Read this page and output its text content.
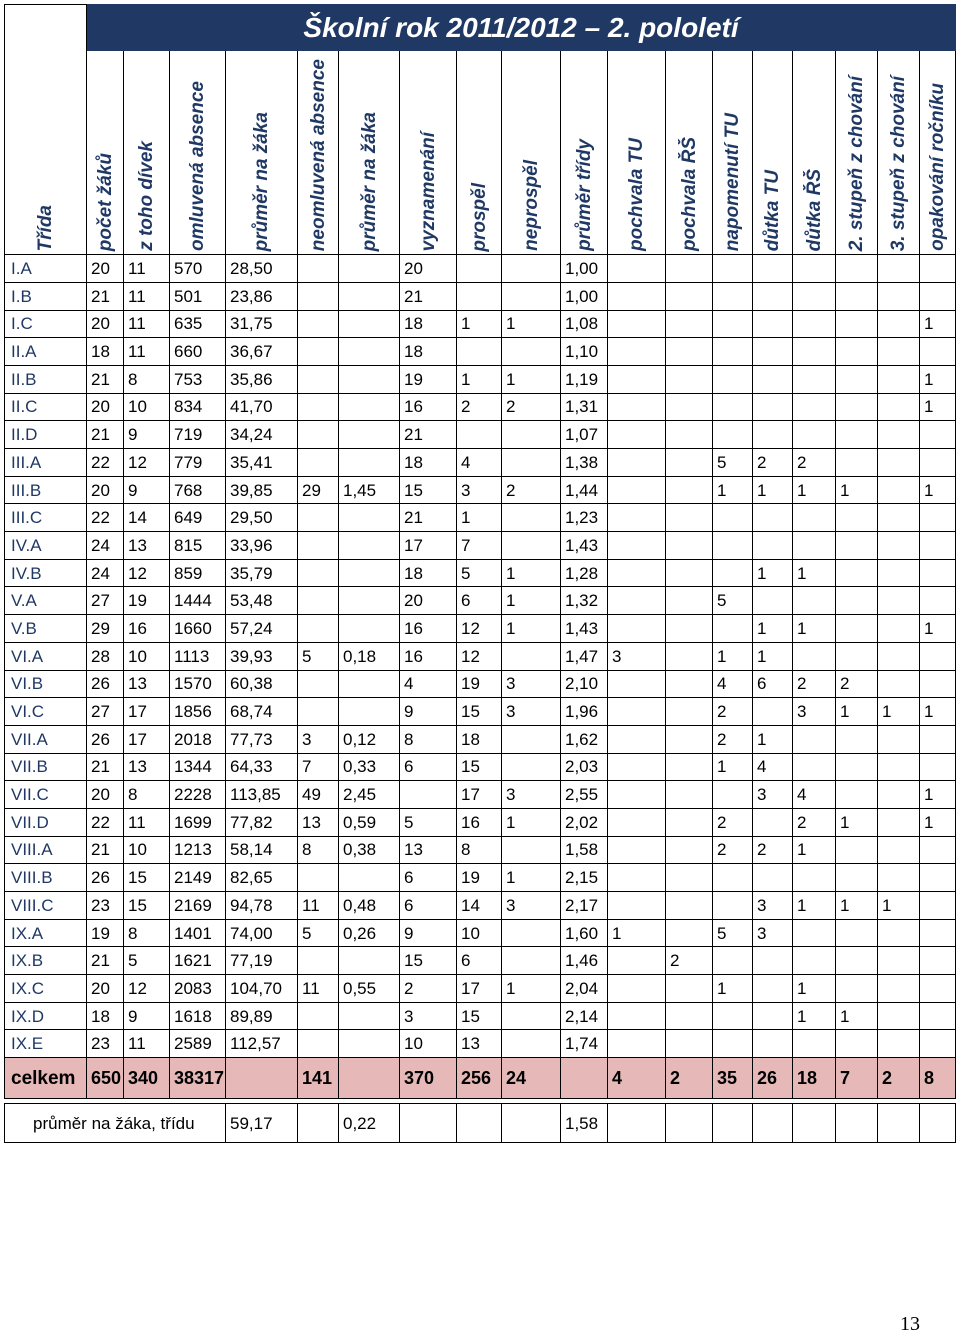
Třída	Školní rok 2011/2012 – 2. pololetí																	
	počet žáků	z toho dívek	omluvená absence	průměr na žáka	neomluvená absence	průměr na žáka	vyznamenání	prospěl	neprospěl	průměr třídy	pochvala TU	pochvala ŘŠ	napomenutí TU	důtka TU	důtka ŘŠ	2. stupeň z chování	3. stupeň z chování	opakování ročníku
I.A	20	11	570	28,50			20			1,00								
I.B	21	11	501	23,86			21			1,00								
I.C	20	11	635	31,75			18	1	1	1,08								1
II.A	18	11	660	36,67			18			1,10								
II.B	21	8	753	35,86			19	1	1	1,19								1
II.C	20	10	834	41,70			16	2	2	1,31								1
II.D	21	9	719	34,24			21			1,07								
III.A	22	12	779	35,41			18	4		1,38			5	2	2			
III.B	20	9	768	39,85	29	1,45	15	3	2	1,44			1	1	1	1		1
III.C	22	14	649	29,50			21	1		1,23								
IV.A	24	13	815	33,96			17	7		1,43								
IV.B	24	12	859	35,79			18	5	1	1,28				1	1			
V.A	27	19	1444	53,48			20	6	1	1,32			5					
V.B	29	16	1660	57,24			16	12	1	1,43				1	1			1
VI.A	28	10	1113	39,93	5	0,18	16	12		1,47	3		1	1				
VI.B	26	13	1570	60,38			4	19	3	2,10			4	6	2	2		
VI.C	27	17	1856	68,74			9	15	3	1,96			2		3	1	1	1
VII.A	26	17	2018	77,73	3	0,12	8	18		1,62			2	1				
VII.B	21	13	1344	64,33	7	0,33	6	15		2,03			1	4				
VII.C	20	8	2228	113,85	49	2,45		17	3	2,55				3	4			1
VII.D	22	11	1699	77,82	13	0,59	5	16	1	2,02			2		2	1		1
VIII.A	21	10	1213	58,14	8	0,38	13	8		1,58			2	2	1			
VIII.B	26	15	2149	82,65			6	19	1	2,15								
VIII.C	23	15	2169	94,78	11	0,48	6	14	3	2,17				3	1	1	1	
IX.A	19	8	1401	74,00	5	0,26	9	10		1,60	1		5	3				
IX.B	21	5	1621	77,19			15	6		1,46		2						
IX.C	20	12	2083	104,70	11	0,55	2	17	1	2,04			1		1			
IX.D	18	9	1618	89,89			3	15		2,14					1	1		
IX.E	23	11	2589	112,57			10	13		1,74								
celkem	650	340	38317		141		370	256	24		4	2	35	26	18	7	2	8

průměr na žáka, třídu				59,17		0,22				1,58								
13
